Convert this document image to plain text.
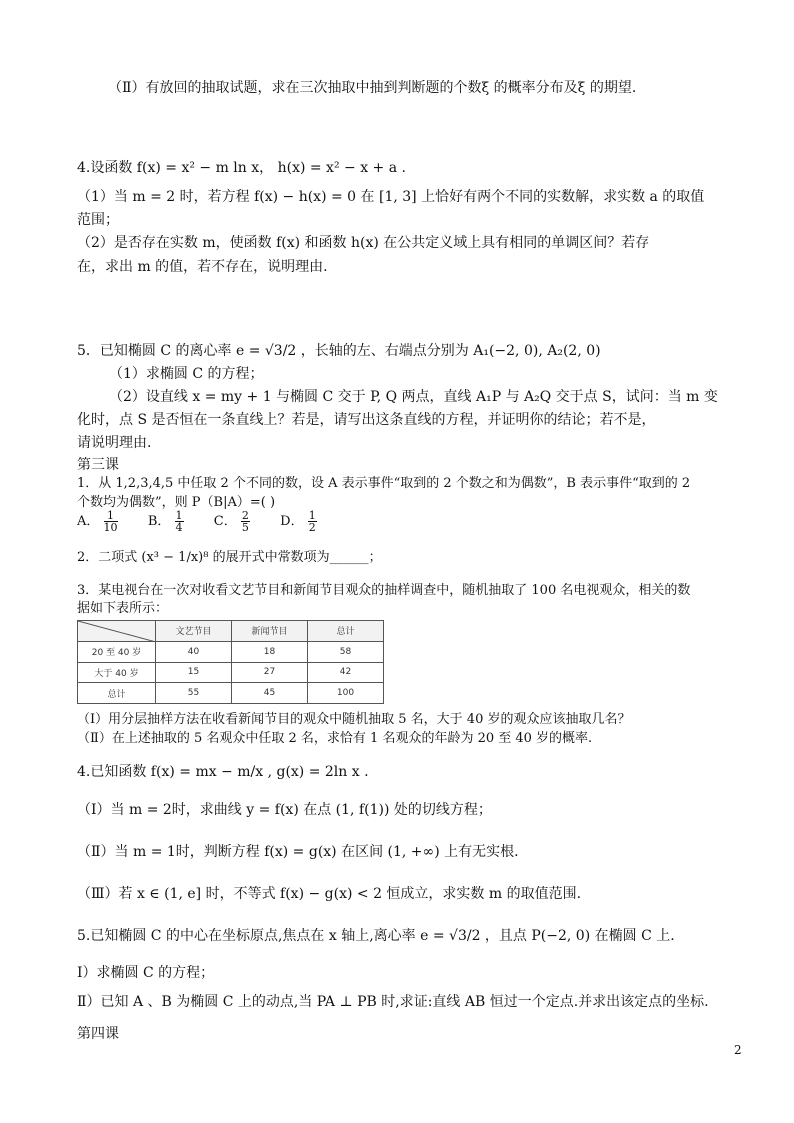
（Ⅱ）有放回的抽取试题，求在三次抽取中抽到判断题的个数ξ 的概率分布及ξ 的期望.
4.设函数 f(x) = x² − m ln x， h(x) = x² − x + a .
（1）当 m = 2 时，若方程 f(x) − h(x) = 0 在 [1, 3] 上恰好有两个不同的实数解，求实数 a 的取值
范围；
（2）是否存在实数 m，使函数 f(x) 和函数 h(x) 在公共定义域上具有相同的单调区间？若存
在，求出 m 的值，若不存在，说明理由.
5．已知椭圆 C 的离心率 e = √3/2 ，长轴的左、右端点分别为 A₁(−2, 0), A₂(2, 0)
（1）求椭圆 C 的方程；
（2）设直线 x = my + 1 与椭圆 C 交于 P, Q 两点，直线 A₁P 与 A₂Q 交于点 S，试问：当 m 变
化时，点 S 是否恒在一条直线上？若是，请写出这条直线的方程，并证明你的结论；若不是，
请说明理由.
第三课
1．从 1,2,3,4,5 中任取 2 个不同的数，设 A 表示事件“取到的 2 个数之和为偶数”，B 表示事件“取到的 2
个数均为偶数”，则 P（B|A）=( )
A． $\frac{1}{10}$ B． $\frac{1}{4}$ C． $\frac{2}{5}$ D． $\frac{1}{2}$
2．二项式 (x³ − 1/x)⁸ 的展开式中常数项为______；
3．某电视台在一次对收看文艺节目和新闻节目观众的抽样调查中，随机抽取了 100 名电视观众，相关的数
据如下表所示：
	文艺节目	新闻节目	总计
20 至 40 岁	40	18	58
大于 40 岁	15	27	42
总计	55	45	100
（Ⅰ）用分层抽样方法在收看新闻节目的观众中随机抽取 5 名，大于 40 岁的观众应该抽取几名？
（Ⅱ）在上述抽取的 5 名观众中任取 2 名，求恰有 1 名观众的年龄为 20 至 40 岁的概率.
4.已知函数 f(x) = mx − m/x , g(x) = 2ln x .
（Ⅰ）当 m = 2时，求曲线 y = f(x) 在点 (1, f(1)) 处的切线方程；
（Ⅱ）当 m = 1时，判断方程 f(x) = g(x) 在区间 (1, +∞) 上有无实根.
（Ⅲ）若 x ∈ (1, e] 时，不等式 f(x) − g(x) < 2 恒成立，求实数 m 的取值范围.
5.已知椭圆 C 的中心在坐标原点,焦点在 x 轴上,离心率 e = √3/2 ，且点 P(−2, 0) 在椭圆 C 上.
Ⅰ）求椭圆 C 的方程；
Ⅱ）已知 A 、B 为椭圆 C 上的动点,当 PA ⊥ PB 时,求证:直线 AB 恒过一个定点.并求出该定点的坐标.
第四课
2
